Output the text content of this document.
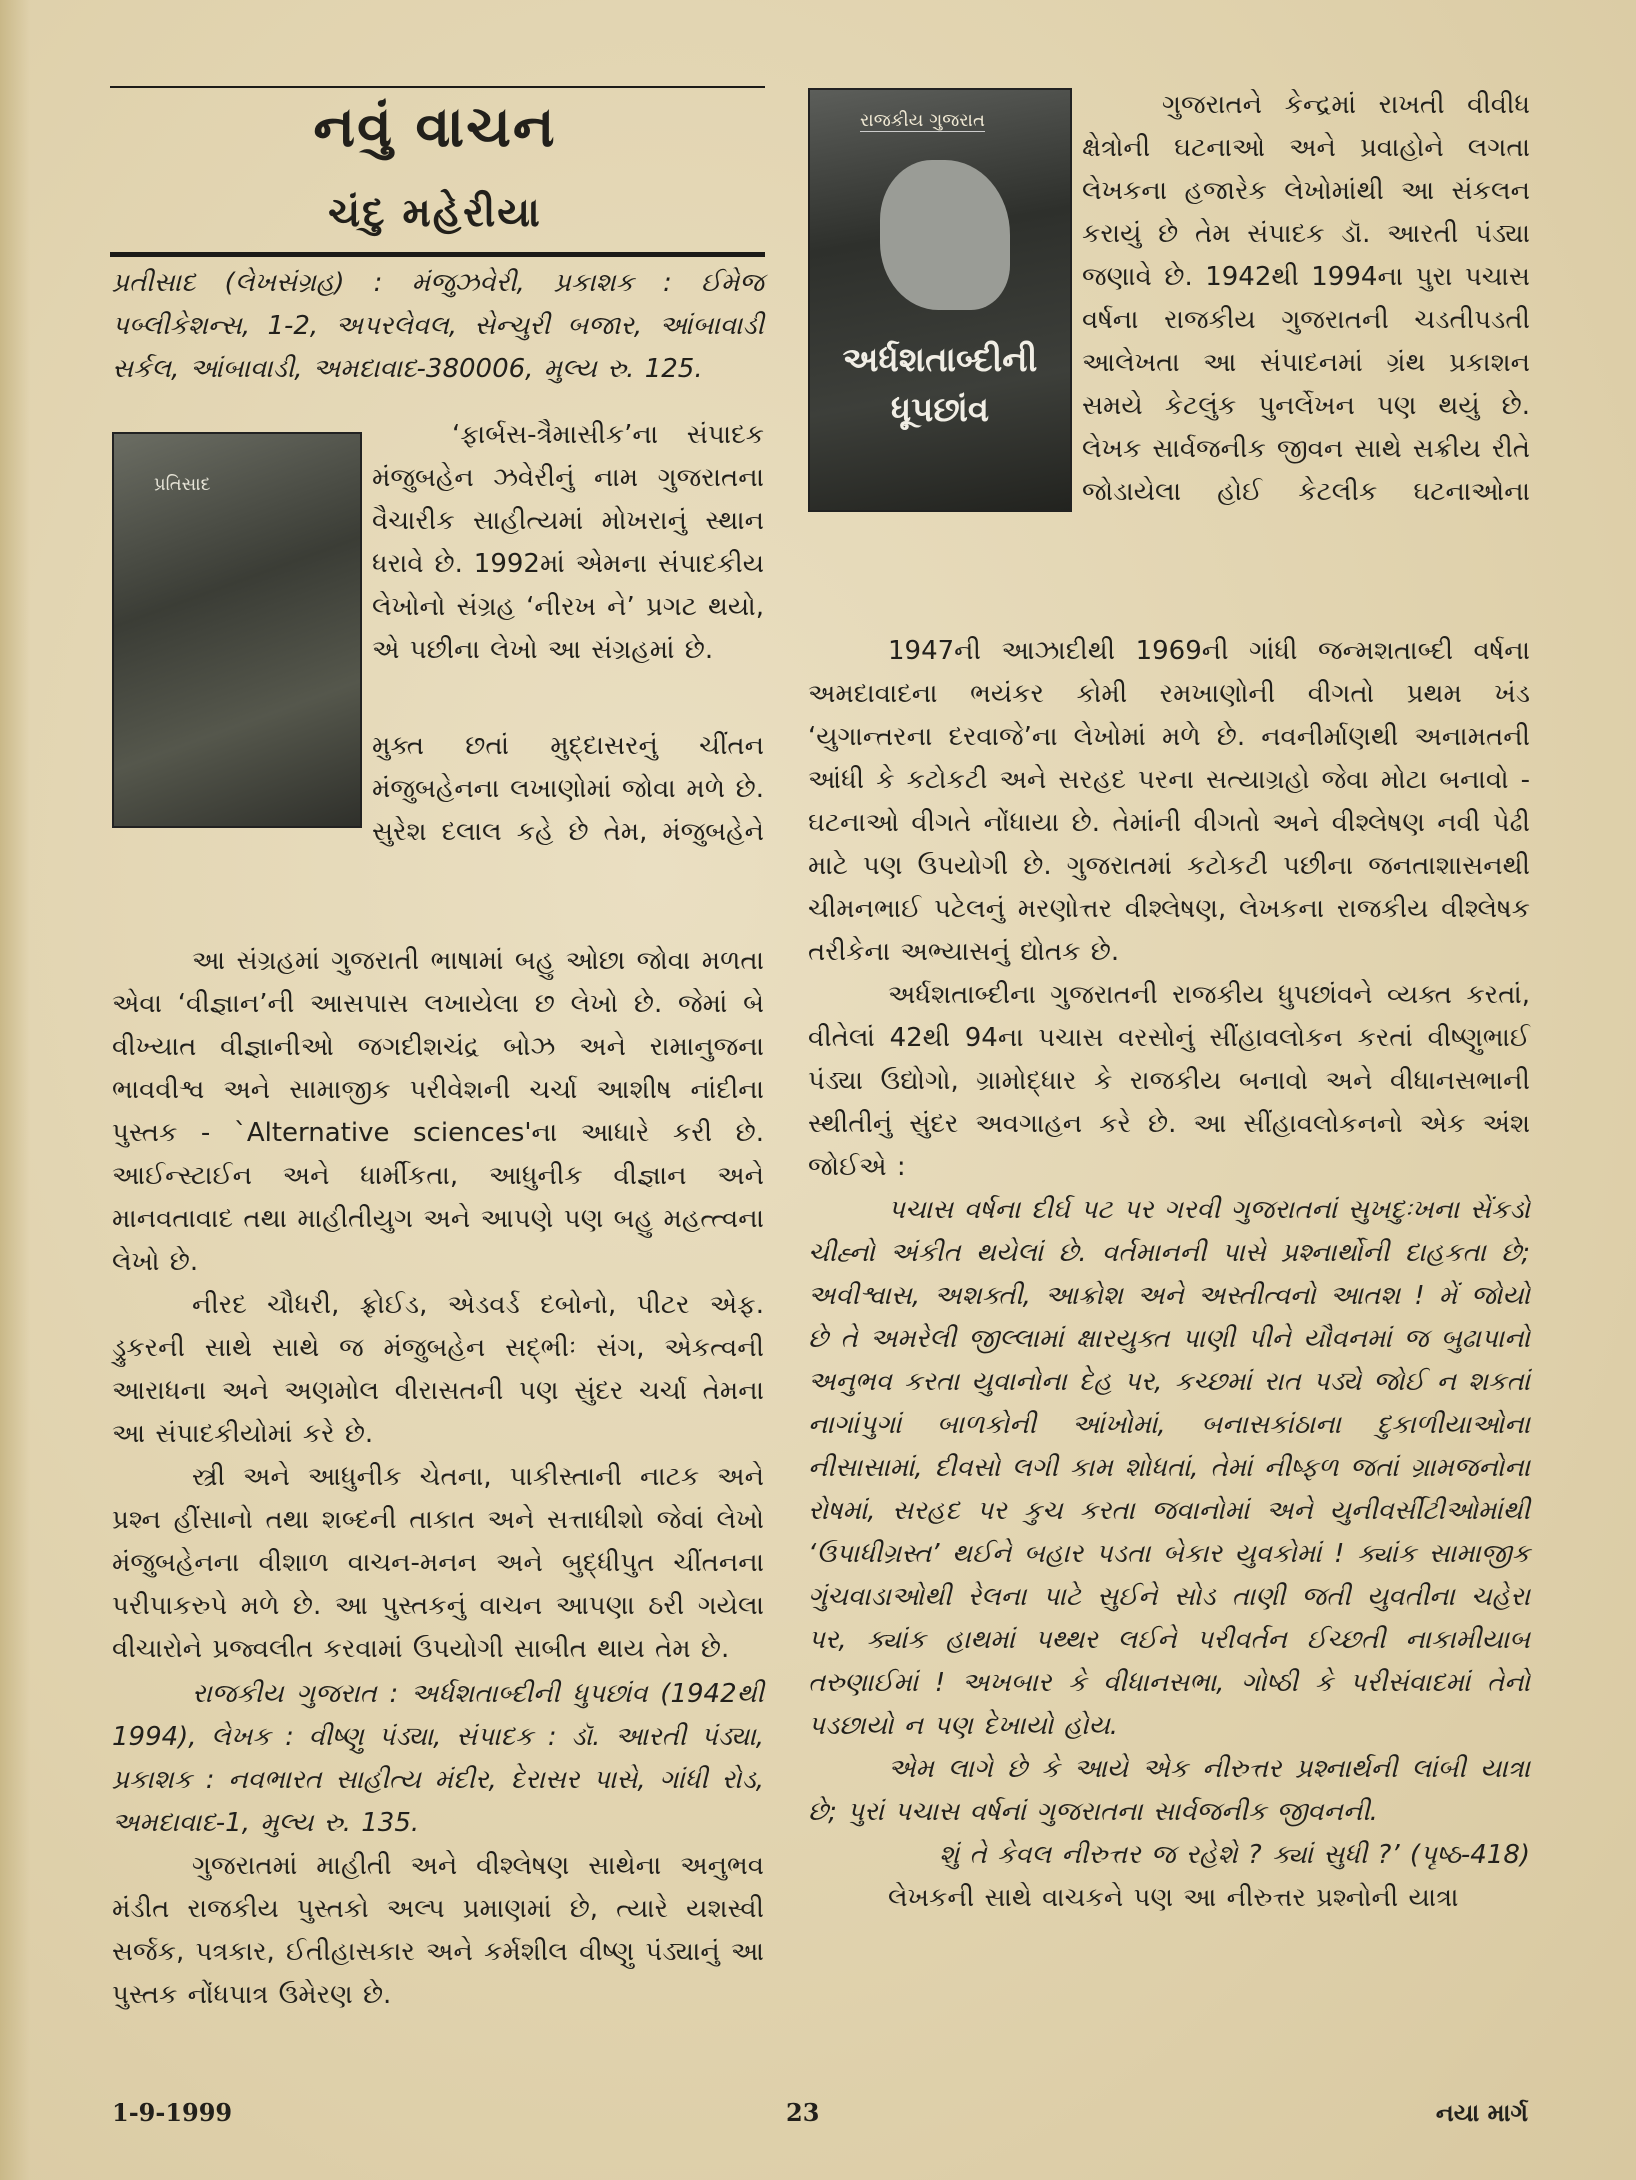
નવું વાચન
ચંદુ મહેરીયા

પ્રતીસાદ (લેખસંગ્રહ) : મંજુઝવેરી, પ્રકાશક : ઈમેજ પબ્લીકેશન્સ, 1-2, અપરલેવલ, સેન્ચુરી બજાર, આંબાવાડી સર્કલ, આંબાવાડી, અમદાવાદ-380006, મુલ્ય રુ. 125.

પ્રતિસાદ

‘ફાર્બસ-ત્રૈમાસીક’ના સંપાદક મંજુબહેન ઝવેરીનું નામ ગુજરાતના વૈચારીક સાહીત્યમાં મોખરાનું સ્થાન ધરાવે છે. 1992માં એમના સંપાદકીય લેખોનો સંગ્રહ ‘નીરખ ને’ પ્રગટ થયો, એ પછીના લેખો આ સંગ્રહમાં છે.

મુક્ત છતાં મુદ્દાસરનું ચીંતન મંજુબહેનના લખાણોમાં જોવા મળે છે. સુરેશ દલાલ કહે છે તેમ, મંજુબહેને

આ સંગ્રહમાં ગુજરાતી ભાષામાં બહુ ઓછા જોવા મળતા એવા ‘વીજ્ઞાન’ની આસપાસ લખાયેલા છ લેખો છે. જેમાં બે વીખ્યાત વીજ્ઞાનીઓ જગદીશચંદ્ર બોઝ અને રામાનુજના ભાવવીશ્વ અને સામાજીક પરીવેશની ચર્ચા આશીષ નાંદીના પુસ્તક - `Alternative sciences'ના આધારે કરી છે. આઈન્સ્ટાઈન અને ધાર્મીકતા, આધુનીક વીજ્ઞાન અને માનવતાવાદ તથા માહીતીયુગ અને આપણે પણ બહુ મહત્ત્વના લેખો છે.

નીરદ ચૌધરી, ફ્રોઈડ, એડવર્ડ દબોનો, પીટર એફ. ડ્રુકરની સાથે સાથે જ મંજુબહેન સદ્ભીઃ સંગ, એકત્વની આરાધના અને અણમોલ વીરાસતની પણ સુંદર ચર્ચા તેમના આ સંપાદકીયોમાં કરે છે.

સ્ત્રી અને આધુનીક ચેતના, પાકીસ્તાની નાટક અને પ્રશ્ન હીંસાનો તથા શબ્દની તાકાત અને સત્તાધીશો જેવાં લેખો મંજુબહેનના વીશાળ વાચન-મનન અને બુદ્ધીપુત ચીંતનના પરીપાકરુપે મળે છે. આ પુસ્તકનું વાચન આપણા ઠરી ગયેલા વીચારોને પ્રજ્વલીત કરવામાં ઉપયોગી સાબીત થાય તેમ છે.

રાજકીય ગુજરાત : અર્ધશતાબ્દીની ધુપછાંવ (1942થી 1994), લેખક : વીષ્ણુ પંડ્યા, સંપાદક : ડૉ. આરતી પંડ્યા, પ્રકાશક : નવભારત સાહીત્ય મંદીર, દેરાસર પાસે, ગાંધી રોડ, અમદાવાદ-1, મુલ્ય રુ. 135.

ગુજરાતમાં માહીતી અને વીશ્લેષણ સાથેના અનુભવ મંડીત રાજકીય પુસ્તકો અલ્પ પ્રમાણમાં છે, ત્યારે યશસ્વી સર્જક, પત્રકાર, ઈતીહાસકાર અને કર્મશીલ વીષ્ણુ પંડ્યાનું આ પુસ્તક નોંધપાત્ર ઉમેરણ છે.

રાજકીય ગુજરાત
અર્ધશતાબ્દીની
ધૂપછાંવ

ગુજરાતને કેન્દ્રમાં રાખતી વીવીધ ક્ષેત્રોની ઘટનાઓ અને પ્રવાહોને લગતા લેખકના હજારેક લેખોમાંથી આ સંકલન કરાયું છે તેમ સંપાદક ડૉ. આરતી પંડ્યા જણાવે છે. 1942થી 1994ના પુરા પચાસ વર્ષના રાજકીય ગુજરાતની ચડતીપડતી આલેખતા આ સંપાદનમાં ગ્રંથ પ્રકાશન સમયે કેટલુંક પુનર્લેખન પણ થયું છે. લેખક સાર્વજનીક જીવન સાથે સક્રીય રીતે જોડાયેલા હોઈ કેટલીક ઘટનાઓના

1947ની આઝાદીથી 1969ની ગાંધી જન્મશતાબ્દી વર્ષના અમદાવાદના ભયંકર કોમી રમખાણોની વીગતો પ્રથમ ખંડ ‘યુગાન્તરના દરવાજે’ના લેખોમાં મળે છે. નવનીર્માણથી અનામતની આંધી કે કટોકટી અને સરહદ પરના સત્યાગ્રહો જેવા મોટા બનાવો - ઘટનાઓ વીગતે નોંધાયા છે. તેમાંની વીગતો અને વીશ્લેષણ નવી પેઢી માટે પણ ઉપયોગી છે. ગુજરાતમાં કટોકટી પછીના જનતાશાસનથી ચીમનભાઈ પટેલનું મરણોત્તર વીશ્લેષણ, લેખકના રાજકીય વીશ્લેષક તરીકેના અભ્યાસનું દ્યોતક છે.

અર્ધશતાબ્દીના ગુજરાતની રાજકીય ધુપછાંવને વ્યક્ત કરતાં, વીતેલાં 42થી 94ના પચાસ વરસોનું સીંહાવલોકન કરતાં વીષ્ણુભાઈ પંડ્યા ઉદ્યોગો, ગ્રામોદ્ધાર કે રાજકીય બનાવો અને વીધાનસભાની સ્થીતીનું સુંદર અવગાહન કરે છે. આ સીંહાવલોકનનો એક અંશ જોઈએ :

પચાસ વર્ષના દીર્ઘ પટ પર ગરવી ગુજરાતનાં સુખદુઃખના સેંકડો ચીહ્નો અંકીત થયેલાં છે. વર્તમાનની પાસે પ્રશ્નાર્થોની દાહકતા છે; અવીશ્વાસ, અશક્તી, આક્રોશ અને અસ્તીત્વનો આતશ ! મેં જોયો છે તે અમરેલી જીલ્લામાં ક્ષારયુક્ત પાણી પીને યૌવનમાં જ બુઢાપાનો અનુભવ કરતા યુવાનોના દેહ પર, કચ્છમાં રાત પડ્યે જોઈ ન શકતાં નાગાંપુગાં બાળકોની આંખોમાં, બનાસકાંઠાના દુકાળીયાઓના નીસાસામાં, દીવસો લગી કામ શોધતાં, તેમાં નીષ્ફળ જતાં ગ્રામજનોના રોષમાં, સરહદ પર કુચ કરતા જવાનોમાં અને યુનીવર્સીટીઓમાંથી ‘ઉપાધીગ્રસ્ત’ થઈને બહાર પડતા બેકાર યુવકોમાં ! ક્યાંક સામાજીક ગુંચવાડાઓથી રેલના પાટે સુઈને સોડ તાણી જતી યુવતીના ચહેરા પર, ક્યાંક હાથમાં પથ્થર લઈને પરીવર્તન ઈચ્છતી નાકામીયાબ તરુણાઈમાં ! અખબાર કે વીધાનસભા, ગોષ્ઠી કે પરીસંવાદમાં તેનો પડછાયો ન પણ દેખાયો હોય.

એમ લાગે છે કે આયે એક નીરુત્તર પ્રશ્નાર્થની લાંબી યાત્રા છે; પુરાં પચાસ વર્ષનાં ગુજરાતના સાર્વજનીક જીવનની.

શું તે કેવલ નીરુત્તર જ રહેશે ? ક્યાં સુધી ?’ (પૃષ્ઠ-418)

લેખકની સાથે વાચકને પણ આ નીરુત્તર પ્રશ્નોની યાત્રા

1-9-1999	23	નયા માર્ગ
